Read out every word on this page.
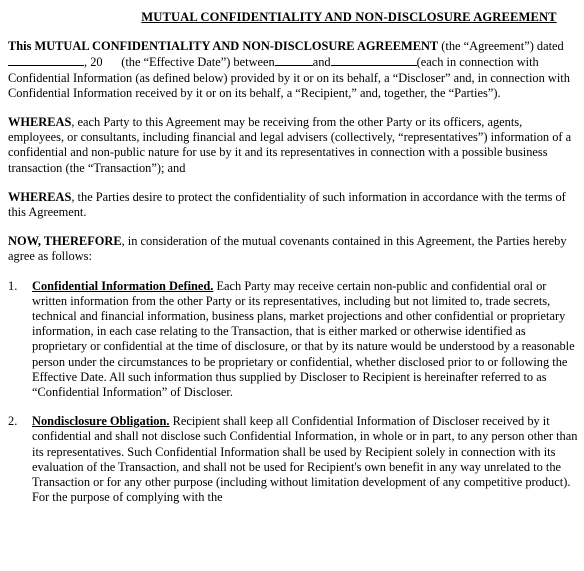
MUTUAL CONFIDENTIALITY AND NON-DISCLOSURE AGREEMENT

This MUTUAL CONFIDENTIALITY AND NON-DISCLOSURE AGREEMENT (the “Agreement”) dated
, 20 (the “Effective Date”) between	and	(each in connection with Confidential Information (as defined below) provided by it or on its behalf, a “Discloser” and, in connection with Confidential Information received by it or on its behalf, a “Recipient,” and, together, the “Parties”).

WHEREAS, each Party to this Agreement may be receiving from the other Party or its officers, agents, employees, or consultants, including financial and legal advisers (collectively, “representatives”) information of a confidential and non-public nature for use by it and its representatives in connection with a possible business transaction (the “Transaction”); and

WHEREAS, the Parties desire to protect the confidentiality of such information in accordance with the terms of this Agreement.

NOW, THEREFORE, in consideration of the mutual covenants contained in this Agreement, the Parties hereby agree as follows:

1. Confidential Information Defined. Each Party may receive certain non-public and confidential oral or written information from the other Party or its representatives, including but not limited to, trade secrets, technical and financial information, business plans, market projections and other confidential or proprietary information, in each case relating to the Transaction, that is either marked or otherwise identified as proprietary or confidential at the time of disclosure, or that by its nature would be understood by a reasonable person under the circumstances to be proprietary or confidential, whether disclosed prior to or following the Effective Date. All such information thus supplied by Discloser to Recipient is hereinafter referred to as “Confidential Information” of Discloser.
2. Nondisclosure Obligation. Recipient shall keep all Confidential Information of Discloser received by it confidential and shall not disclose such Confidential Information, in whole or in part, to any person other than its representatives. Such Confidential Information shall be used by Recipient solely in connection with its evaluation of the Transaction, and shall not be used for Recipient's own benefit in any way unrelated to the Transaction or for any other purpose (including without limitation development of any competitive product). For the purpose of complying with the
